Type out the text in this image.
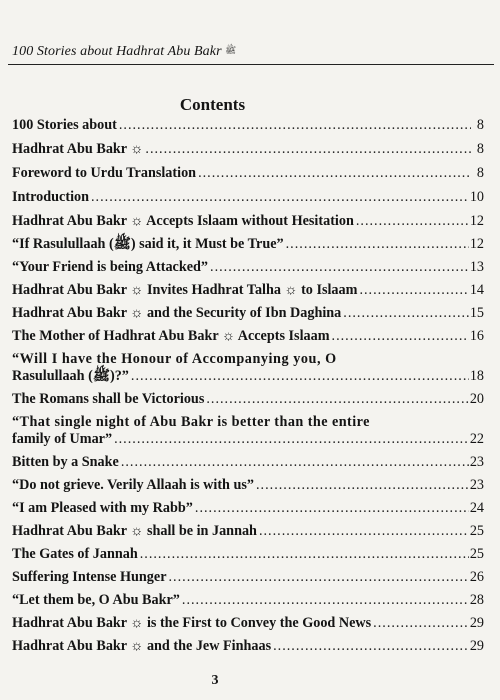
100 Stories about Hadhrat Abu Bakr ﷺ
Contents
100 Stories about .....	8
Hadhrat Abu Bakr ☼ .....	8
Foreword to Urdu Translation .....	8
Introduction .....	10
Hadhrat Abu Bakr ☼ Accepts Islaam without Hesitation .....	12
“If Rasulullaah (ﷺ) said it, it Must be True” .....	12
“Your Friend is being Attacked” .....	13
Hadhrat Abu Bakr ☼ Invites Hadhrat Talha ☼ to Islaam .....	14
Hadhrat Abu Bakr ☼ and the Security of Ibn Daghina .....	15
The Mother of Hadhrat Abu Bakr ☼ Accepts Islaam .....	16
“Will I have the Honour of Accompanying you, O
Rasulullaah (ﷺ)?” .....	18
The Romans shall be Victorious .....	20
“That single night of Abu Bakr is better than the entire
family of Umar” .....	22
Bitten by a Snake .....	23
“Do not grieve. Verily Allaah is with us” .....	23
“I am Pleased with my Rabb” .....	24
Hadhrat Abu Bakr ☼ shall be in Jannah .....	25
The Gates of Jannah .....	25
Suffering Intense Hunger .....	26
“Let them be, O Abu Bakr” .....	28
Hadhrat Abu Bakr ☼ is the First to Convey the Good News .....	29
Hadhrat Abu Bakr ☼ and the Jew Finhaas .....	29
3
